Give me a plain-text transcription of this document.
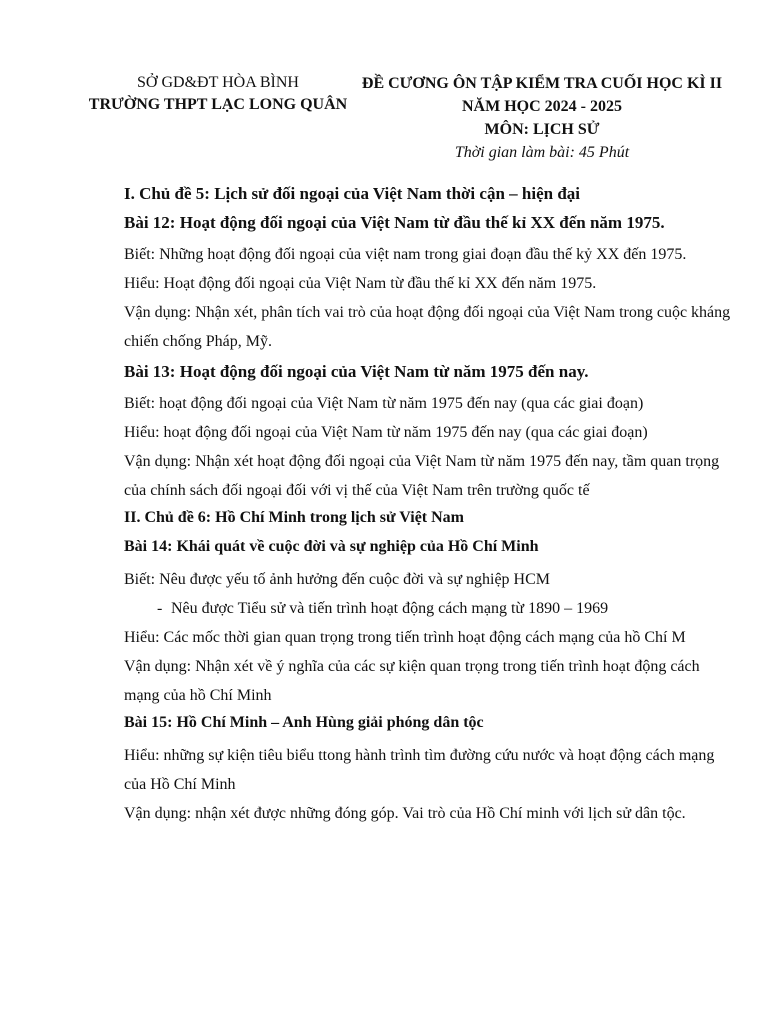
SỞ GD&ĐT HÒA BÌNH
TRƯỜNG THPT LẠC LONG QUÂN
ĐỀ CƯƠNG ÔN TẬP KIỂM TRA CUỐI HỌC KÌ II
NĂM HỌC 2024 - 2025
MÔN: LỊCH SỬ
Thời gian làm bài: 45 Phút
I. Chủ đề 5: Lịch sử đối ngoại của Việt Nam thời cận – hiện đại
Bài 12: Hoạt động đối ngoại của Việt Nam từ đầu thế kỉ XX đến năm 1975.

Biết: Những hoạt động đối ngoại của việt nam trong giai đoạn đầu thế kỷ XX đến 1975.

Hiểu: Hoạt động đối ngoại của Việt Nam từ đầu thế kỉ XX đến năm 1975.

Vận dụng: Nhận xét, phân tích vai trò của hoạt động đối ngoại của Việt Nam trong cuộc kháng chiến chống Pháp, Mỹ.

Bài 13: Hoạt động đối ngoại của Việt Nam từ năm 1975 đến nay.

Biết: hoạt động đối ngoại của Việt Nam từ năm 1975 đến nay (qua các giai đoạn)

Hiểu: hoạt động đối ngoại của Việt Nam từ năm 1975 đến nay (qua các giai đoạn)

Vận dụng: Nhận xét hoạt động đối ngoại của Việt Nam từ năm 1975 đến nay, tầm quan trọng của chính sách đối ngoại đối với vị thế của Việt Nam trên trường quốc tế

II. Chủ đề 6: Hồ Chí Minh trong lịch sử Việt Nam
Bài 14: Khái quát về cuộc đời và sự nghiệp của Hồ Chí Minh

Biết: Nêu được yếu tố ảnh hưởng đến cuộc đời và sự nghiệp HCM

- Nêu được Tiểu sử và tiến trình hoạt động cách mạng từ 1890 – 1969

Hiểu: Các mốc thời gian quan trọng trong tiến trình hoạt động cách mạng của hồ Chí M

Vận dụng: Nhận xét về ý nghĩa của các sự kiện quan trọng trong tiến trình hoạt động cách mạng của hồ Chí Minh

Bài 15: Hồ Chí Minh – Anh Hùng giải phóng dân tộc

Hiểu: những sự kiện tiêu biểu ttong hành trình tìm đường cứu nước và hoạt động cách mạng của Hồ Chí Minh

Vận dụng: nhận xét được những đóng góp. Vai trò của Hồ Chí minh với lịch sử dân tộc.
